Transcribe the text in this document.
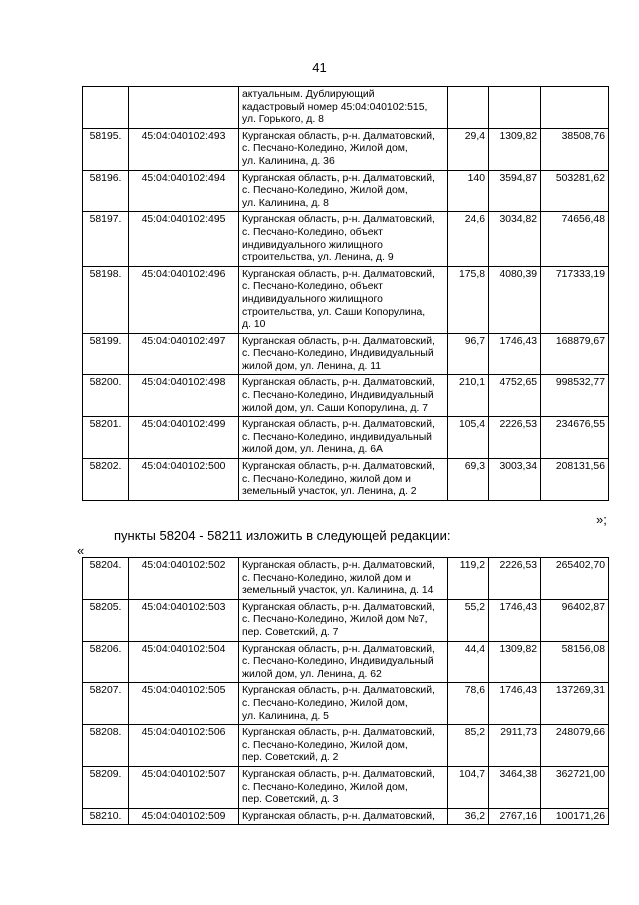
41

		актуальным. Дублирующий
кадастровый номер 45:04:040102:515,
ул. Горького, д. 8			

58195.	45:04:040102:493	Курганская область, р-н. Далматовский,
с. Песчано-Коледино, Жилой дом,
ул. Калинина, д. 36	29,4	1309,82	38508,76
58196.	45:04:040102:494	Курганская область, р-н. Далматовский,
с. Песчано-Коледино, Жилой дом,
ул. Калинина, д. 8	140	3594,87	503281,62
58197.	45:04:040102:495	Курганская область, р-н. Далматовский,
с. Песчано-Коледино, объект
индивидуального жилищного
строительства, ул. Ленина, д. 9	24,6	3034,82	74656,48
58198.	45:04:040102:496	Курганская область, р-н. Далматовский,
с. Песчано-Коледино, объект
индивидуального жилищного
строительства, ул. Саши Копорулина,
д. 10	175,8	4080,39	717333,19
58199.	45:04:040102:497	Курганская область, р-н. Далматовский,
с. Песчано-Коледино, Индивидуальный
жилой дом, ул. Ленина, д. 11	96,7	1746,43	168879,67
58200.	45:04:040102:498	Курганская область, р-н. Далматовский,
с. Песчано-Коледино, Индивидуальный
жилой дом, ул. Саши Копорулина, д. 7	210,1	4752,65	998532,77
58201.	45:04:040102:499	Курганская область, р-н. Далматовский,
с. Песчано-Коледино, индивидуальный
жилой дом, ул. Ленина, д. 6А	105,4	2226,53	234676,55
58202.	45:04:040102:500	Курганская область, р-н. Далматовский,
с. Песчано-Коледино, жилой дом и
земельный участок, ул. Ленина, д. 2	69,3	3003,34	208131,56
»;
пункты 58204 - 58211 изложить в следующей редакции:
«
58204.	45:04:040102:502	Курганская область, р-н. Далматовский,
с. Песчано-Коледино, жилой дом и
земельный участок, ул. Калинина, д. 14	119,2	2226,53	265402,70
58205.	45:04:040102:503	Курганская область, р-н. Далматовский,
с. Песчано-Коледино, Жилой дом №7,
пер. Советский, д. 7	55,2	1746,43	96402,87
58206.	45:04:040102:504	Курганская область, р-н. Далматовский,
с. Песчано-Коледино, Индивидуальный
жилой дом, ул. Ленина, д. 62	44,4	1309,82	58156,08
58207.	45:04:040102:505	Курганская область, р-н. Далматовский,
с. Песчано-Коледино, Жилой дом,
ул. Калинина, д. 5	78,6	1746,43	137269,31
58208.	45:04:040102:506	Курганская область, р-н. Далматовский,
с. Песчано-Коледино, Жилой дом,
пер. Советский, д. 2	85,2	2911,73	248079,66
58209.	45:04:040102:507	Курганская область, р-н. Далматовский,
с. Песчано-Коледино, Жилой дом,
пер. Советский, д. 3	104,7	3464,38	362721,00
58210.	45:04:040102:509	Курганская область, р-н. Далматовский,	36,2	2767,16	100171,26
